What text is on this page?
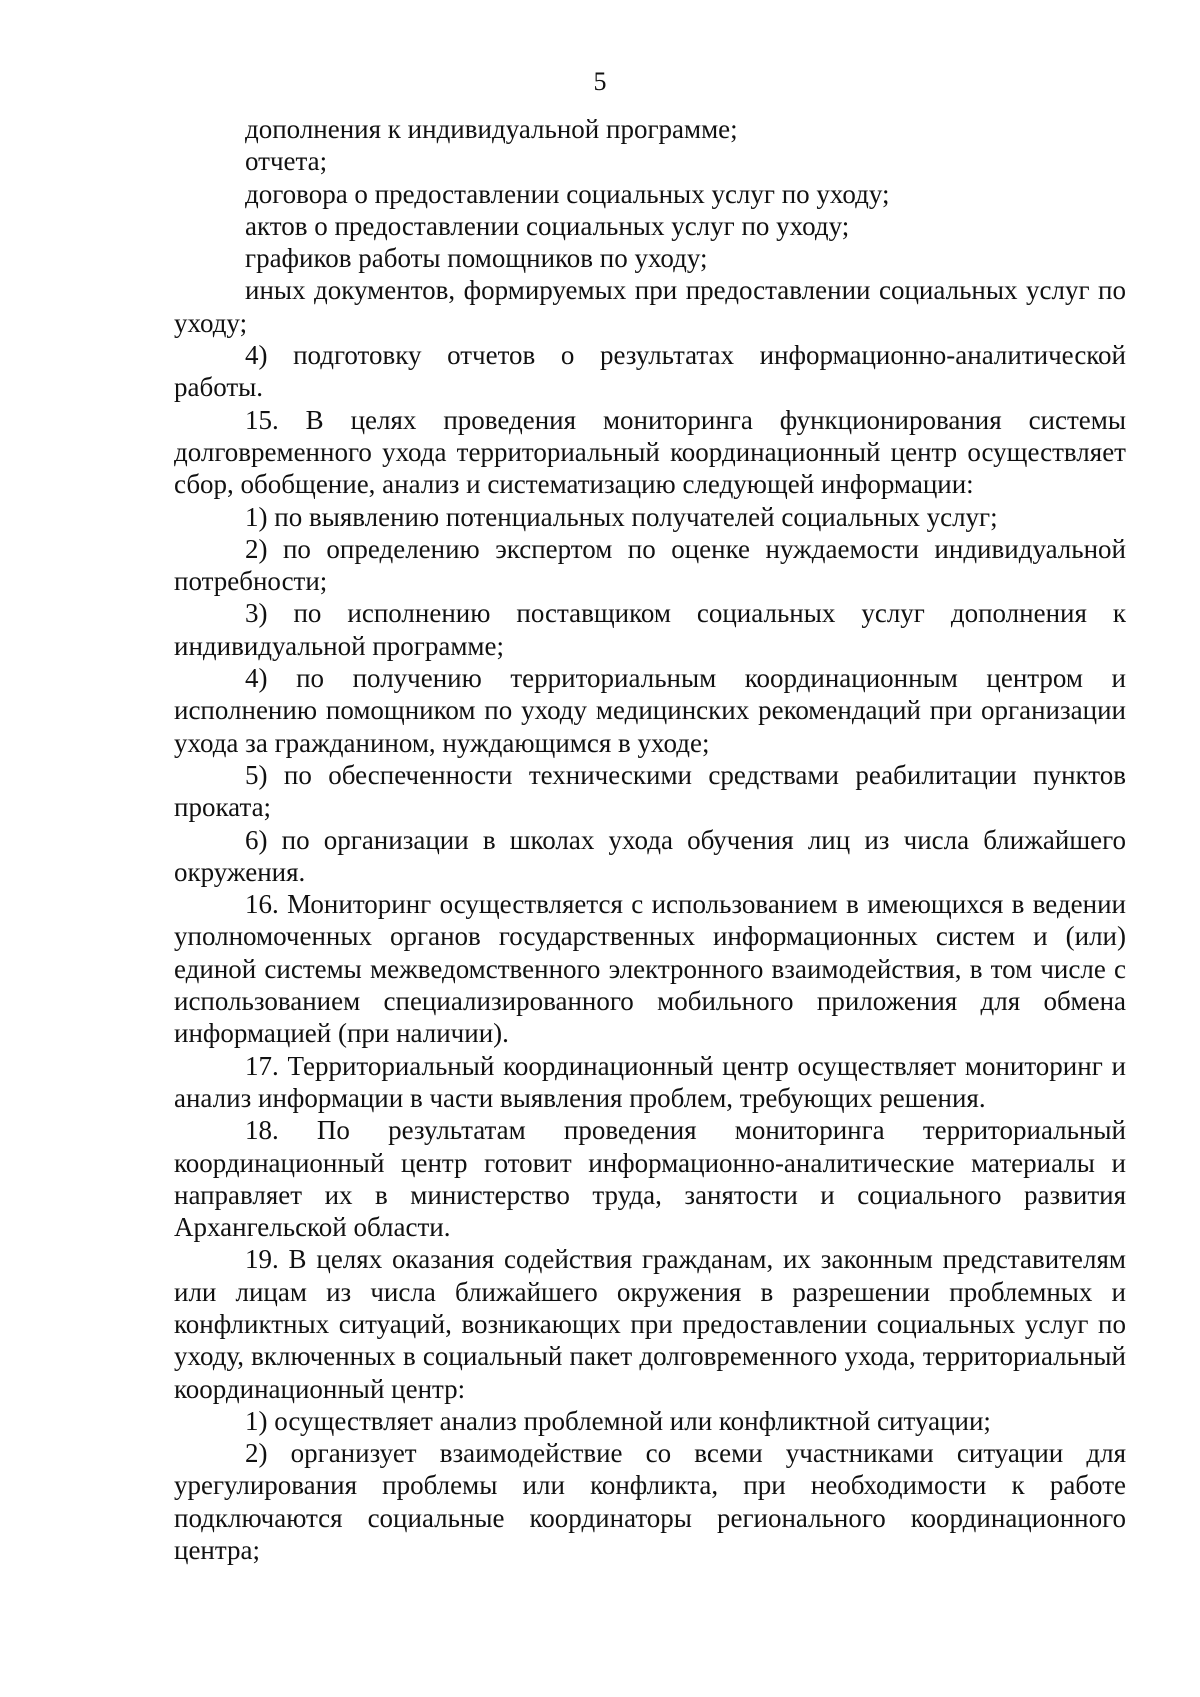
5

дополнения к индивидуальной программе;

отчета;

договора о предоставлении социальных услуг по уходу;

актов о предоставлении социальных услуг по уходу;

графиков работы помощников по уходу;

иных документов, формируемых при предоставлении социальных услуг по уходу;

4) подготовку отчетов о результатах информационно-аналитической работы.

15. В целях проведения мониторинга функционирования системы долговременного ухода территориальный координационный центр осуществляет сбор, обобщение, анализ и систематизацию следующей информации:

1) по выявлению потенциальных получателей социальных услуг;

2) по определению экспертом по оценке нуждаемости индивидуальной потребности;

3) по исполнению поставщиком социальных услуг дополнения к индивидуальной программе;

4) по получению территориальным координационным центром и исполнению помощником по уходу медицинских рекомендаций при организации ухода за гражданином, нуждающимся в уходе;

5) по обеспеченности техническими средствами реабилитации пунктов проката;

6) по организации в школах ухода обучения лиц из числа ближайшего окружения.

16. Мониторинг осуществляется с использованием в имеющихся в ведении уполномоченных органов государственных информационных систем и (или) единой системы межведомственного электронного взаимодействия, в том числе с использованием специализированного мобильного приложения для обмена информацией (при наличии).

17. Территориальный координационный центр осуществляет мониторинг и анализ информации в части выявления проблем, требующих решения.

18. По результатам проведения мониторинга территориальный координационный центр готовит информационно-аналитические материалы и направляет их в министерство труда, занятости и социального развития Архангельской области.

19. В целях оказания содействия гражданам, их законным представителям или лицам из числа ближайшего окружения в разрешении проблемных и конфликтных ситуаций, возникающих при предоставлении социальных услуг по уходу, включенных в социальный пакет долговременного ухода, территориальный координационный центр:

1) осуществляет анализ проблемной или конфликтной ситуации;

2) организует взаимодействие со всеми участниками ситуации для урегулирования проблемы или конфликта, при необходимости к работе подключаются социальные координаторы регионального координационного центра;
